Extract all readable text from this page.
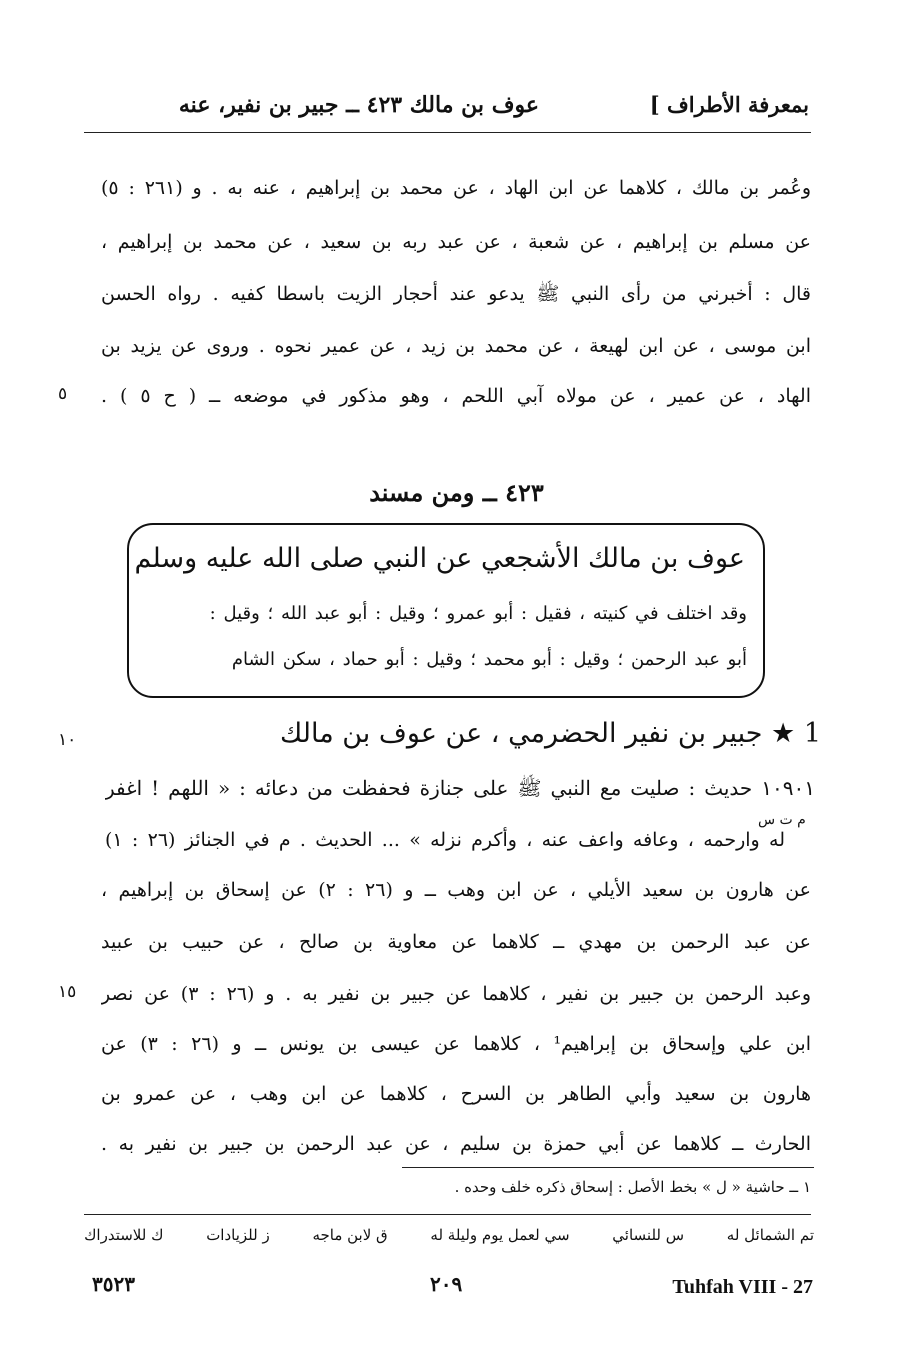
بمعرفة الأطراف ]
عوف بن مالك ٤٢٣ ــ جبير بن نفير، عنه
وعُمر بن مالك ، كلاهما عن ابن الهاد ، عن محمد بن إبراهيم ، عنه به . و (٢٦١ : ٥)
عن مسلم بن إبراهيم ، عن شعبة ، عن عبد ربه بن سعيد ، عن محمد بن إبراهيم ،
قال : أخبرني من رأى النبي ﷺ يدعو عند أحجار الزيت باسطا كفيه . رواه الحسن
ابن موسى ، عن ابن لهيعة ، عن محمد بن زيد ، عن عمير نحوه . وروى عن يزيد بن
الهاد ، عن عمير ، عن مولاه آبي اللحم ، وهو مذكور في موضعه ــ ( ح ٥ ) .
٥
٤٢٣ ــ ومن مسند
عوف بن مالك الأشجعي عن النبي صلى الله عليه وسلم
وقد اختلف في كنيته ، فقيل : أبو عمرو ؛ وقيل : أبو عبد الله ؛ وقيل :
أبو عبد الرحمن ؛ وقيل : أبو محمد ؛ وقيل : أبو حماد ، سكن الشام
١٠	1 ★ جبير بن نفير الحضرمي ، عن عوف بن مالك
م ت س
١٠٩٠١ حديث : صليت مع النبي ﷺ على جنازة فحفظت من دعائه : « اللهم ! اغفر
له وارحمه ، وعافه واعف عنه ، وأكرم نزله » ... الحديث . م في الجنائز (٢٦ : ١)
عن هارون بن سعيد الأيلي ، عن ابن وهب ــ و (٢٦ : ٢) عن إسحاق بن إبراهيم ،
عن عبد الرحمن بن مهدي ــ كلاهما عن معاوية بن صالح ، عن حبيب بن عبيد
وعبد الرحمن بن جبير بن نفير ، كلاهما عن جبير بن نفير به . و (٢٦ : ٣) عن نصر
١٥
ابن علي وإسحاق بن إبراهيم¹ ، كلاهما عن عيسى بن يونس ــ و (٢٦ : ٣) عن
هارون بن سعيد وأبي الطاهر بن السرح ، كلاهما عن ابن وهب ، عن عمرو بن
الحارث ــ كلاهما عن أبي حمزة بن سليم ، عن عبد الرحمن بن جبير بن نفير به .
١ ــ حاشية « ل » بخط الأصل : إسحاق ذكره خلف وحده .
تم الشمائل له
س للنسائي
سي لعمل يوم وليلة له
ق لابن ماجه
ز للزيادات
ك للاستدراك
٣٥٢٣	٢٠٩	Tuhfah VIII - 27
